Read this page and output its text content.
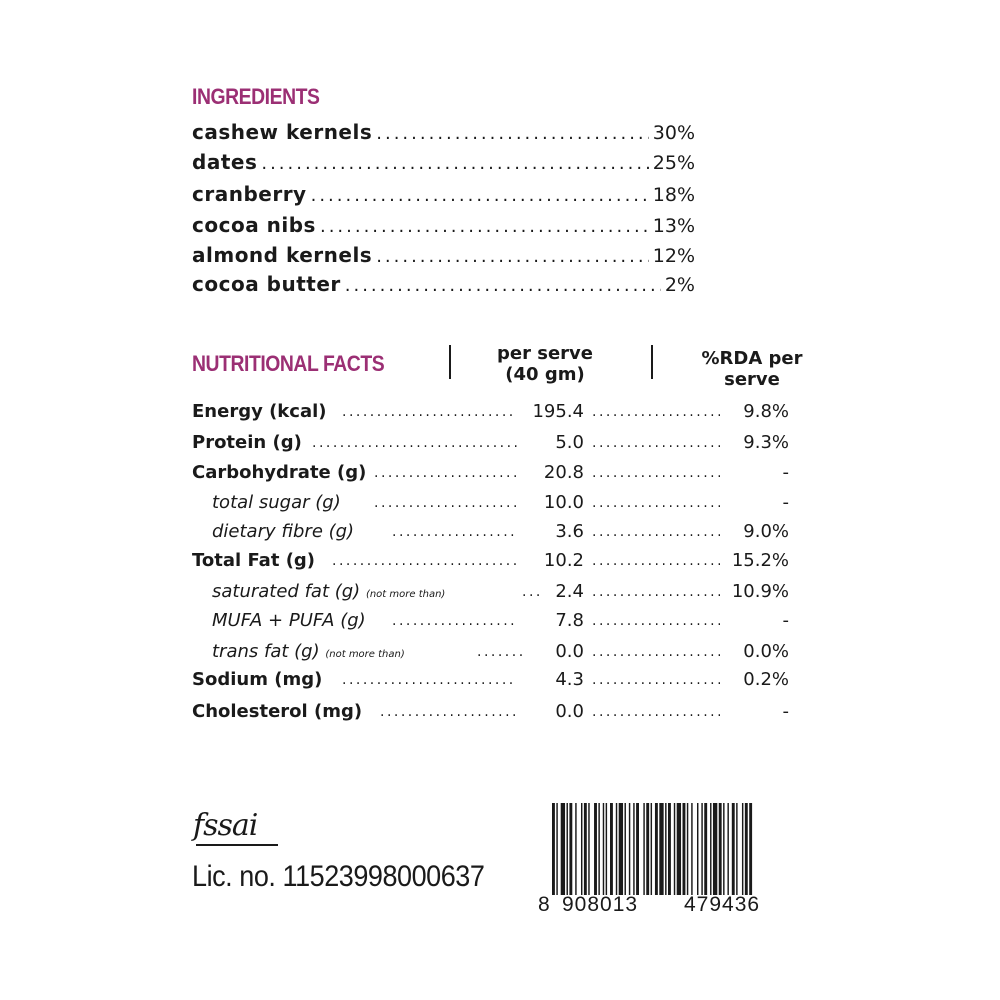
INGREDIENTS
cashew kernels .....	30%
dates .....	25%
cranberry .....	18%
cocoa nibs .....	13%
almond kernels .....	12%
cocoa butter .....	2%
NUTRITIONAL FACTS	per serve
(40 gm)
%RDA per
serve
Energy (kcal) .....	195.4 .....	9.8%
Protein (g) .....	5.0 .....	9.3%
Carbohydrate (g) .....	20.8 .....	-
total sugar (g) .....	10.0 .....	-
dietary fibre (g) .....	3.6 .....	9.0%
Total Fat (g) .....	10.2 .....	15.2%
saturated fat (g) (not more than) .....	2.4 .....	10.9%
MUFA + PUFA (g) .....	7.8 .....	-
trans fat (g) (not more than) .....	0.0 .....	0.0%
Sodium (mg) .....	4.3 .....	0.2%
Cholesterol (mg) .....	0.0 .....	-
fssai
Lic. no. 11523998000637
8 908013 479436
